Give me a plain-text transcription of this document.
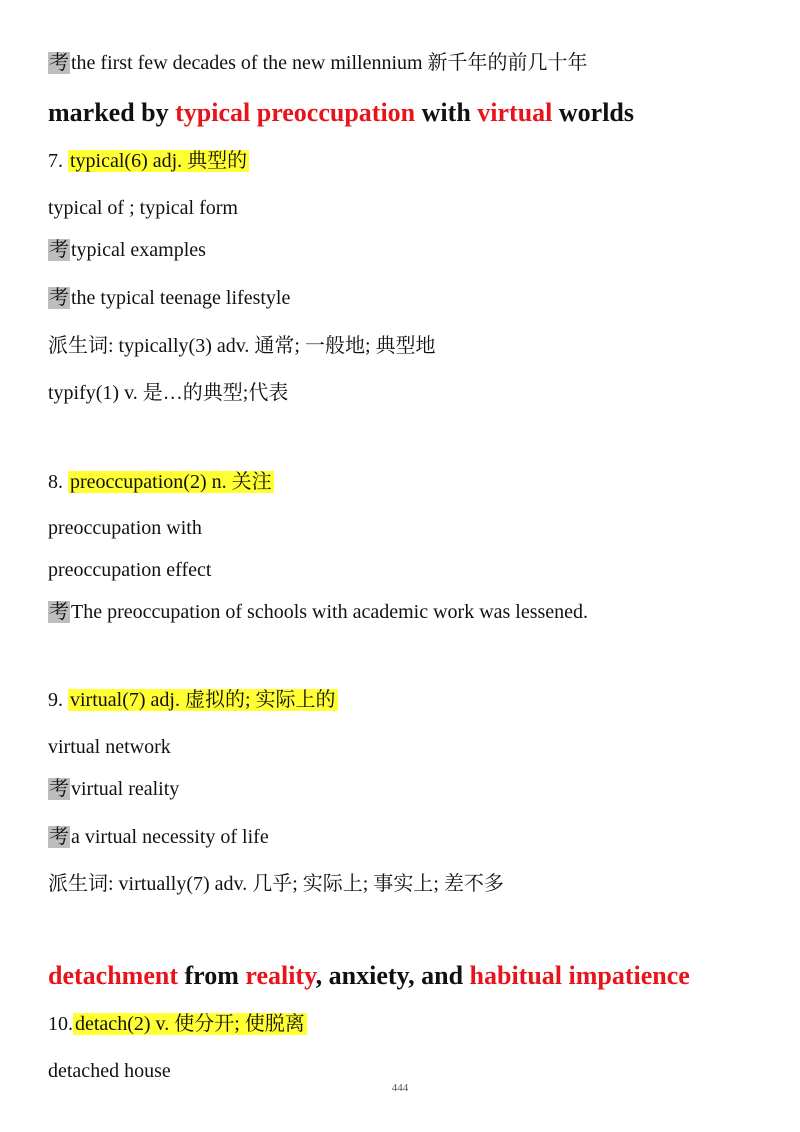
考 the first few decades of the new millennium 新千年的前几十年
marked by typical preoccupation with virtual worlds
7. typical(6) adj. 典型的
typical of ; typical form
考 typical examples
考 the typical teenage lifestyle
派生词: typically(3) adv. 通常; 一般地; 典型地
typify(1) v. 是…的典型;代表
8. preoccupation(2) n. 关注
preoccupation with
preoccupation effect
考 The preoccupation of schools with academic work was lessened.
9. virtual(7) adj. 虚拟的; 实际上的
virtual network
考 virtual reality
考 a virtual necessity of life
派生词: virtually(7) adv. 几乎; 实际上; 事实上; 差不多
detachment from reality, anxiety, and habitual impatience
10. detach(2) v. 使分开; 使脱离
detached house
444
